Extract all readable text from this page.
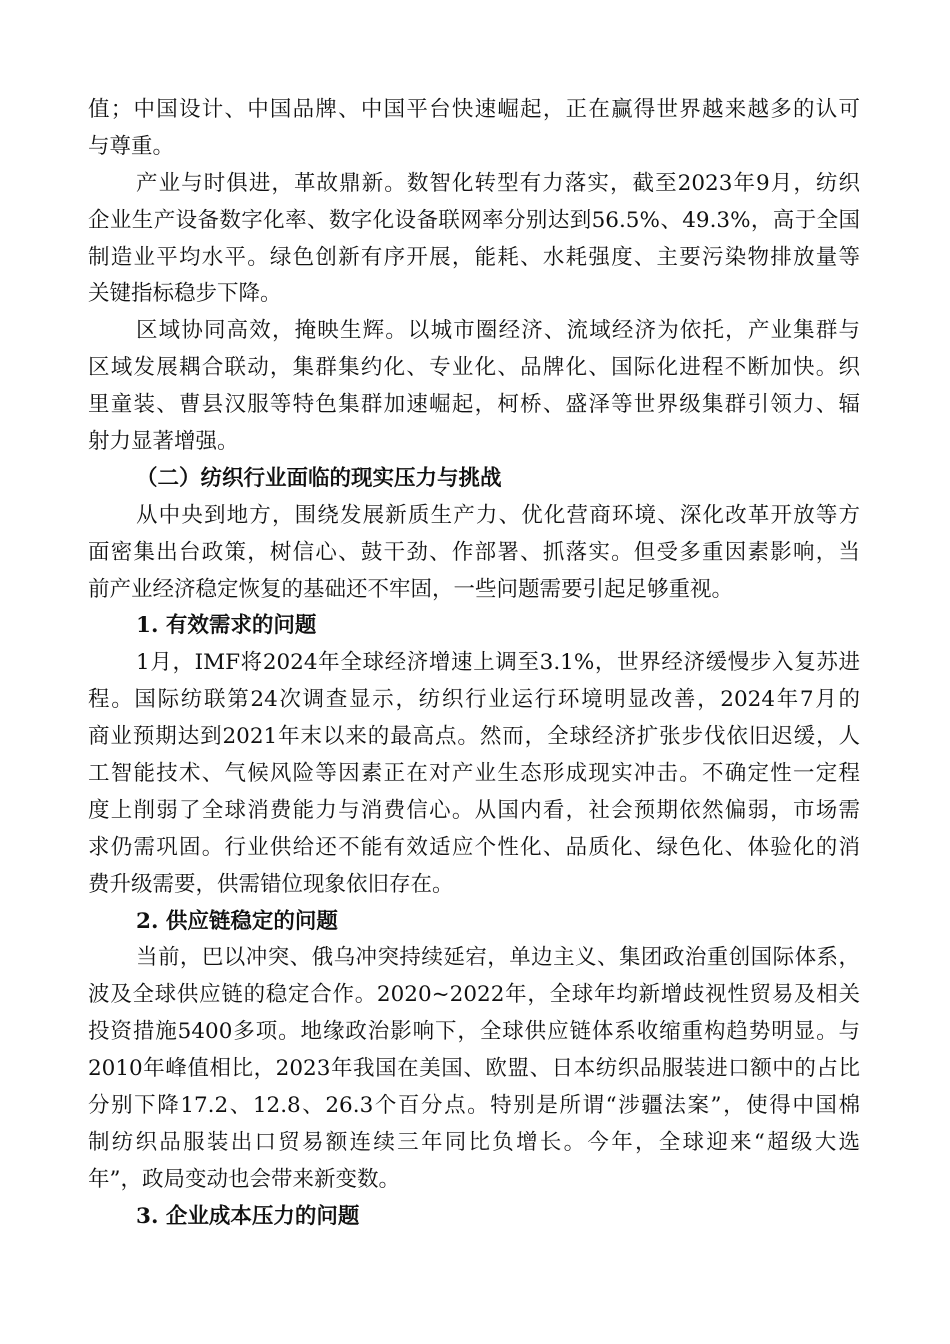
值；中国设计、中国品牌、中国平台快速崛起，正在赢得世界越来越多的认可
与尊重。
产业与时俱进，革故鼎新。数智化转型有力落实，截至2023年9月，纺织
企业生产设备数字化率、数字化设备联网率分别达到56.5%、49.3%，高于全国
制造业平均水平。绿色创新有序开展，能耗、水耗强度、主要污染物排放量等
关键指标稳步下降。
区域协同高效，掩映生辉。以城市圈经济、流域经济为依托，产业集群与
区域发展耦合联动，集群集约化、专业化、品牌化、国际化进程不断加快。织
里童装、曹县汉服等特色集群加速崛起，柯桥、盛泽等世界级集群引领力、辐
射力显著增强。
（二）纺织行业面临的现实压力与挑战
从中央到地方，围绕发展新质生产力、优化营商环境、深化改革开放等方
面密集出台政策，树信心、鼓干劲、作部署、抓落实。但受多重因素影响，当
前产业经济稳定恢复的基础还不牢固，一些问题需要引起足够重视。
1. 有效需求的问题
1月，IMF将2024年全球经济增速上调至3.1%，世界经济缓慢步入复苏进
程。国际纺联第24次调查显示，纺织行业运行环境明显改善，2024年7月的
商业预期达到2021年末以来的最高点。然而，全球经济扩张步伐依旧迟缓，人
工智能技术、气候风险等因素正在对产业生态形成现实冲击。不确定性一定程
度上削弱了全球消费能力与消费信心。从国内看，社会预期依然偏弱，市场需
求仍需巩固。行业供给还不能有效适应个性化、品质化、绿色化、体验化的消
费升级需要，供需错位现象依旧存在。
2. 供应链稳定的问题
当前，巴以冲突、俄乌冲突持续延宕，单边主义、集团政治重创国际体系，
波及全球供应链的稳定合作。2020~2022年，全球年均新增歧视性贸易及相关
投资措施5400多项。地缘政治影响下，全球供应链体系收缩重构趋势明显。与
2010年峰值相比，2023年我国在美国、欧盟、日本纺织品服装进口额中的占比
分别下降17.2、12.8、26.3个百分点。特别是所谓“涉疆法案”，使得中国棉
制纺织品服装出口贸易额连续三年同比负增长。今年，全球迎来“超级大选
年”，政局变动也会带来新变数。
3. 企业成本压力的问题
